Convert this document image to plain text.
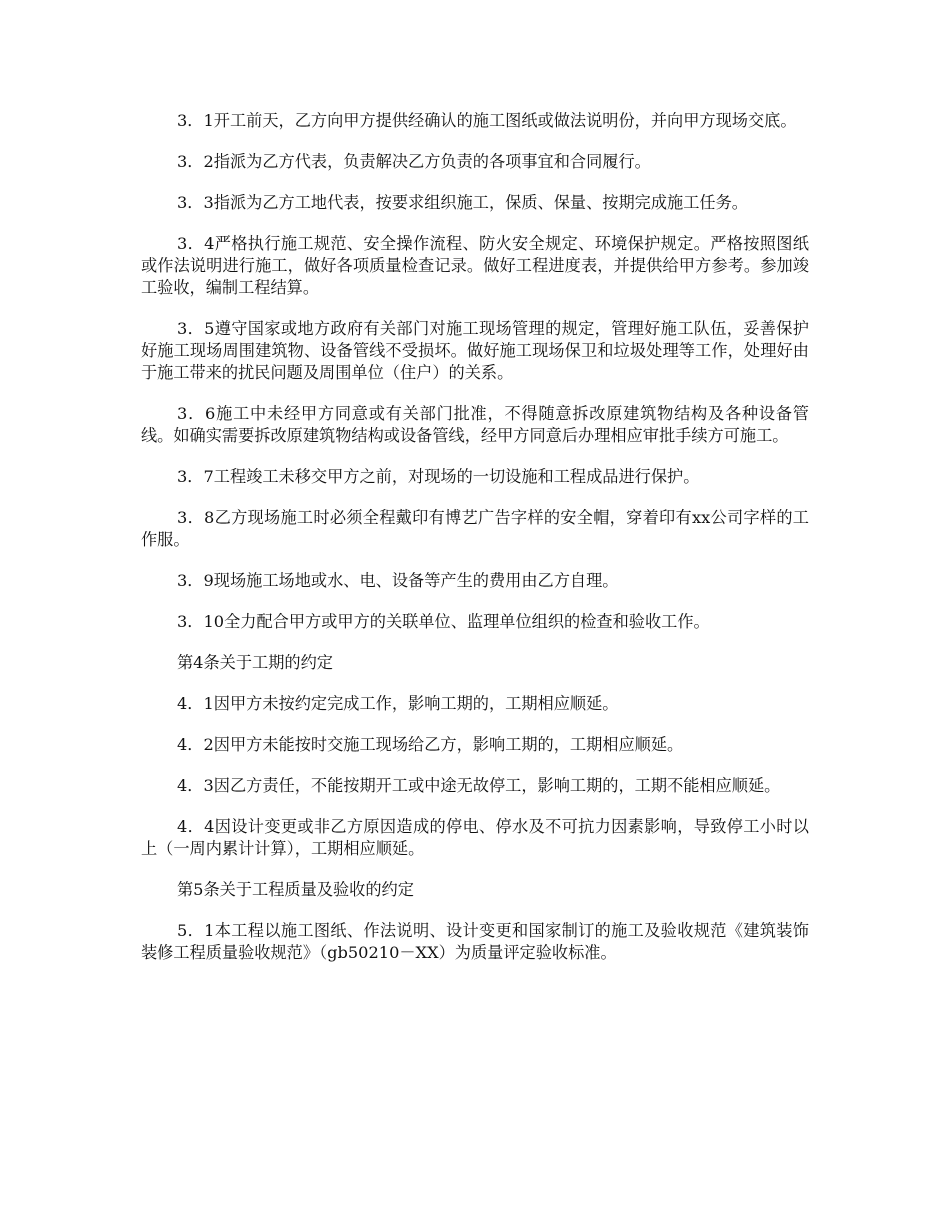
3．1开工前天，乙方向甲方提供经确认的施工图纸或做法说明份，并向甲方现场交底。

3．2指派为乙方代表，负责解决乙方负责的各项事宜和合同履行。

3．3指派为乙方工地代表，按要求组织施工，保质、保量、按期完成施工任务。

3．4严格执行施工规范、安全操作流程、防火安全规定、环境保护规定。严格按照图纸或作法说明进行施工，做好各项质量检查记录。做好工程进度表，并提供给甲方参考。参加竣工验收，编制工程结算。

3．5遵守国家或地方政府有关部门对施工现场管理的规定，管理好施工队伍，妥善保护好施工现场周围建筑物、设备管线不受损坏。做好施工现场保卫和垃圾处理等工作，处理好由于施工带来的扰民问题及周围单位（住户）的关系。

3．6施工中未经甲方同意或有关部门批准，不得随意拆改原建筑物结构及各种设备管线。如确实需要拆改原建筑物结构或设备管线，经甲方同意后办理相应审批手续方可施工。

3．7工程竣工未移交甲方之前，对现场的一切设施和工程成品进行保护。

3．8乙方现场施工时必须全程戴印有博艺广告字样的安全帽，穿着印有xx公司字样的工作服。

3．9现场施工场地或水、电、设备等产生的费用由乙方自理。

3．10全力配合甲方或甲方的关联单位、监理单位组织的检查和验收工作。

第4条关于工期的约定

4．1因甲方未按约定完成工作，影响工期的，工期相应顺延。

4．2因甲方未能按时交施工现场给乙方，影响工期的，工期相应顺延。

4．3因乙方责任，不能按期开工或中途无故停工，影响工期的，工期不能相应顺延。

4．4因设计变更或非乙方原因造成的停电、停水及不可抗力因素影响，导致停工小时以上（一周内累计计算），工期相应顺延。

第5条关于工程质量及验收的约定

5．1本工程以施工图纸、作法说明、设计变更和国家制订的施工及验收规范《建筑装饰装修工程质量验收规范》（gb50210－XX）为质量评定验收标准。
